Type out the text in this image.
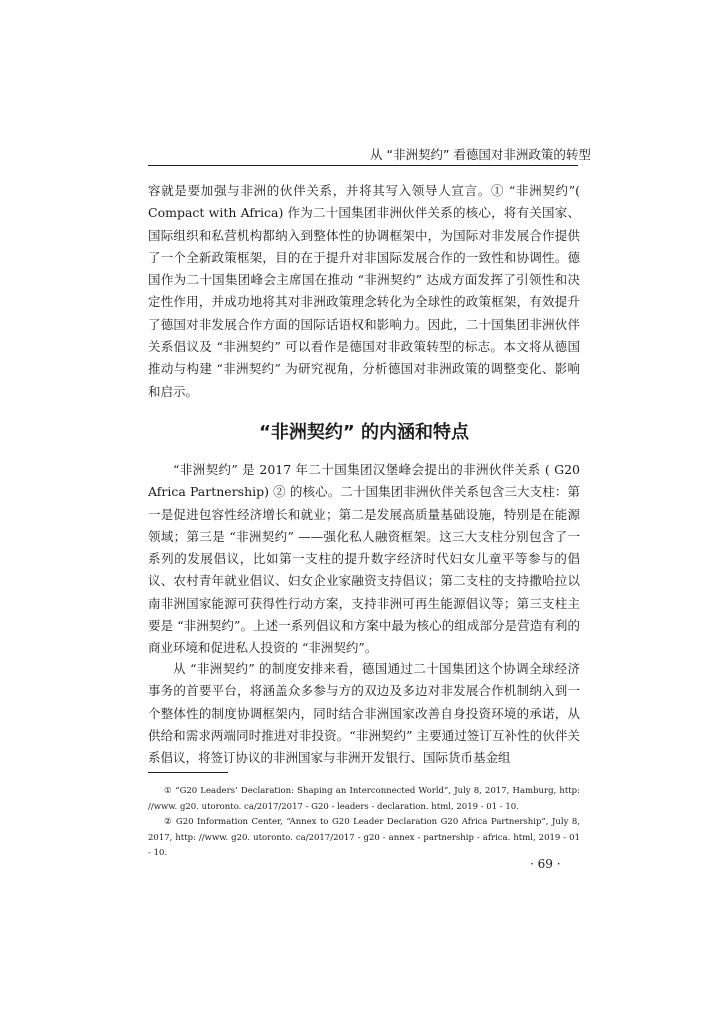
从 “非洲契约” 看德国对非洲政策的转型

容就是要加强与非洲的伙伴关系，并将其写入领导人宣言。① “非洲契约”( Compact with Africa) 作为二十国集团非洲伙伴关系的核心，将有关国家、国际组织和私营机构都纳入到整体性的协调框架中，为国际对非发展合作提供了一个全新政策框架，目的在于提升对非国际发展合作的一致性和协调性。德国作为二十国集团峰会主席国在推动 “非洲契约” 达成方面发挥了引领性和决定性作用，并成功地将其对非洲政策理念转化为全球性的政策框架，有效提升了德国对非发展合作方面的国际话语权和影响力。因此，二十国集团非洲伙伴关系倡议及 “非洲契约” 可以看作是德国对非政策转型的标志。本文将从德国推动与构建 “非洲契约” 为研究视角，分析德国对非洲政策的调整变化、影响和启示。

“非洲契约” 的内涵和特点

“非洲契约” 是 2017 年二十国集团汉堡峰会提出的非洲伙伴关系 ( G20 Africa Partnership) ② 的核心。二十国集团非洲伙伴关系包含三大支柱：第一是促进包容性经济增长和就业；第二是发展高质量基础设施，特别是在能源领域；第三是 “非洲契约” ——强化私人融资框架。这三大支柱分别包含了一系列的发展倡议，比如第一支柱的提升数字经济时代妇女儿童平等参与的倡议、农村青年就业倡议、妇女企业家融资支持倡议；第二支柱的支持撒哈拉以南非洲国家能源可获得性行动方案，支持非洲可再生能源倡议等；第三支柱主要是 “非洲契约”。上述一系列倡议和方案中最为核心的组成部分是营造有利的商业环境和促进私人投资的 “非洲契约”。

从 “非洲契约” 的制度安排来看，德国通过二十国集团这个协调全球经济事务的首要平台，将涵盖众多参与方的双边及多边对非发展合作机制纳入到一个整体性的制度协调框架内，同时结合非洲国家改善自身投资环境的承诺，从供给和需求两端同时推进对非投资。“非洲契约” 主要通过签订互补性的伙伴关系倡议，将签订协议的非洲国家与非洲开发银行、国际货币基金组

① “G20 Leaders’ Declaration: Shaping an Interconnected World”, July 8, 2017, Hamburg, http: //www. g20. utoronto. ca/2017/2017 - G20 - leaders - declaration. html, 2019 - 01 - 10.

② G20 Information Center, “Annex to G20 Leader Declaration G20 Africa Partnership”, July 8, 2017, http: //www. g20. utoronto. ca/2017/2017 - g20 - annex - partnership - africa. html, 2019 - 01 - 10.

· 69 ·
